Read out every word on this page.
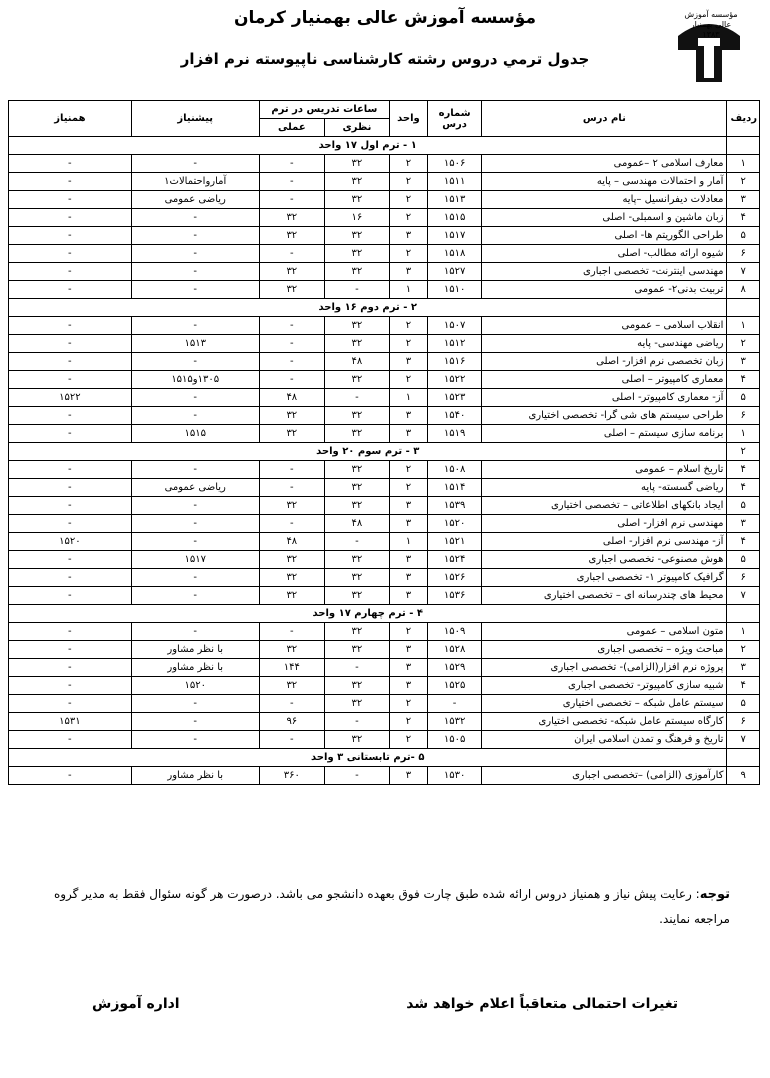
مؤسسه آموزش عالی بهمنیار
۱۳۸۳
مؤسسه آموزش عالی بهمنیار کرمان
جدول ترمي دروس رشته كارشناسی ناپيوسته نرم افزار
رديف	نام درس	شماره درس	واحد	ساعات تدريس در ترم		پيشنياز	همنياز
				نظری	عملی		
	۱ - ترم اول ۱۷ واحد						
۱	معارف اسلامی ۲ –عمومی	۱۵۰۶	۲	۳۲	-	-	-
۲	آمار و احتمالات مهندسی – پايه	۱۵۱۱	۲	۳۲	-	آمارواحتمالات۱	-
۳	معادلات ديفرانسيل –پايه	۱۵۱۳	۲	۳۲	-	رياضی عمومی	-
۴	زبان ماشين و اسمبلی- اصلی	۱۵۱۵	۲	۱۶	۳۲	-	-
۵	طراحی الگوريتم ها- اصلی	۱۵۱۷	۳	۳۲	۳۲	-	-
۶	شيوه ارائه مطالب- اصلی	۱۵۱۸	۲	۳۲	-	-	-
۷	مهندسی اينترنت- تخصصی اجباری	۱۵۲۷	۳	۳۲	۳۲	-	-
۸	تربيت بدنی۲- عمومی	۱۵۱۰	۱	-	۳۲	-	-
	۲ - ترم دوم ۱۶ واحد						
۱	انقلاب اسلامی – عمومی	۱۵۰۷	۲	۳۲	-	-	-
۲	رياضی مهندسی- پايه	۱۵۱۲	۲	۳۲	-	۱۵۱۳	-
۳	زبان تخصصی نرم افزار- اصلی	۱۵۱۶	۳	۴۸	-	-	-
۴	معماری کامپيوتر – اصلی	۱۵۲۲	۲	۳۲	-	۱۳۰۵و۱۵۱۵	-
۵	آز- معماری کامپيوتر- اصلی	۱۵۲۳	۱	-	۴۸	-	۱۵۲۲
۶	طراحی سيستم های شی گرا- تخصصی اختياری	۱۵۴۰	۳	۳۲	۳۲	-	-
۱	برنامه سازی سيستم – اصلی	۱۵۱۹	۳	۳۲	۳۲	۱۵۱۵	-
۲	۳ - ترم سوم ۲۰ واحد						
۴	تاريخ اسلام – عمومی	۱۵۰۸	۲	۳۲	-	-	-
۴	رياضی گسسته- پايه	۱۵۱۴	۲	۳۲	-	رياضی عمومی	-
۵	ايجاد بانکهای اطلاعاتی – تخصصی اختياری	۱۵۳۹	۳	۳۲	۳۲	-	-
۳	مهندسی نرم افزار- اصلی	۱۵۲۰	۳	۴۸	-	-	-
۴	آز- مهندسی نرم افزار- اصلی	۱۵۲۱	۱	-	۴۸	-	۱۵۲۰
۵	هوش مصنوعی- تخصصی اجباری	۱۵۲۴	۳	۳۲	۳۲	۱۵۱۷	-
۶	گرافيک کامپيوتر ۱- تخصصی اجباری	۱۵۲۶	۳	۳۲	۳۲	-	-
۷	محيط های چندرسانه ای – تخصصی اختياری	۱۵۳۶	۳	۳۲	۳۲	-	-
	۴ - ترم چهارم ۱۷ واحد						
۱	متون اسلامی – عمومی	۱۵۰۹	۲	۳۲	-	-	-
۲	مباحث ويژه – تخصصی اجباری	۱۵۲۸	۳	۳۲	۳۲	با نظر مشاور	-
۳	پروژه نرم افزار(الزامی)- تخصصی اجباری	۱۵۲۹	۳	-	۱۴۴	با نظر مشاور	-
۴	شبيه سازی کامپيوتر- تخصصی اجباری	۱۵۲۵	۳	۳۲	۳۲	۱۵۲۰	-
۵	سيستم عامل شبکه – تخصصی اختياری	-	۲	۳۲	-	-	-
۶	کارگاه سيستم عامل شبکه- تخصصی اختياری	۱۵۳۲	۲	-	۹۶	-	۱۵۳۱
۷	تاريخ و فرهنگ و تمدن اسلامی ايران	۱۵۰۵	۲	۳۲	-	-	-
	۵ -ترم تابستانی ۳ واحد						
۹	کارآموزی (الزامی) –تخصصی اجباری	۱۵۳۰	۳	-	۳۶۰	با نظر مشاور	-
توجه: رعايت پيش نياز و همنياز دروس ارائه شده طبق چارت فوق بعهده دانشجو می باشد. درصورت هر گونه سئوال فقط به مدير گروه مراجعه نمايند.
تغيرات احتمالی متعاقباً اعلام خواهد شد
اداره آموزش
